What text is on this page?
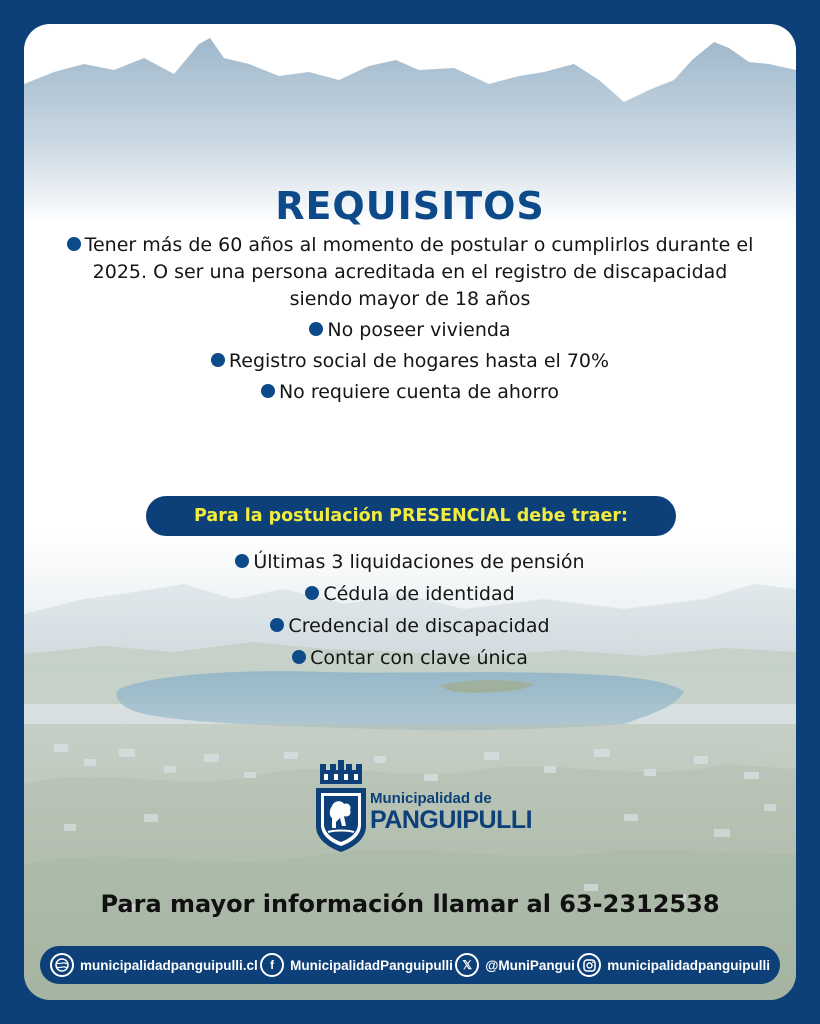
REQUISITOS
Tener más de 60 años al momento de postular o cumplirlos durante el 2025. O ser una persona acreditada en el registro de discapacidad siendo mayor de 18 años
No poseer vivienda
Registro social de hogares hasta el 70%
No requiere cuenta de ahorro
Para la postulación PRESENCIAL debe traer:
Últimas 3 liquidaciones de pensión
Cédula de identidad
Credencial de discapacidad
Contar con clave única
Municipalidad de
PANGUIPULLI
Para mayor información llamar al 63-2312538
municipalidadpanguipulli.cl	f	MunicipalidadPanguipulli 𝕏 @MuniPangui municipalidadpanguipulli
